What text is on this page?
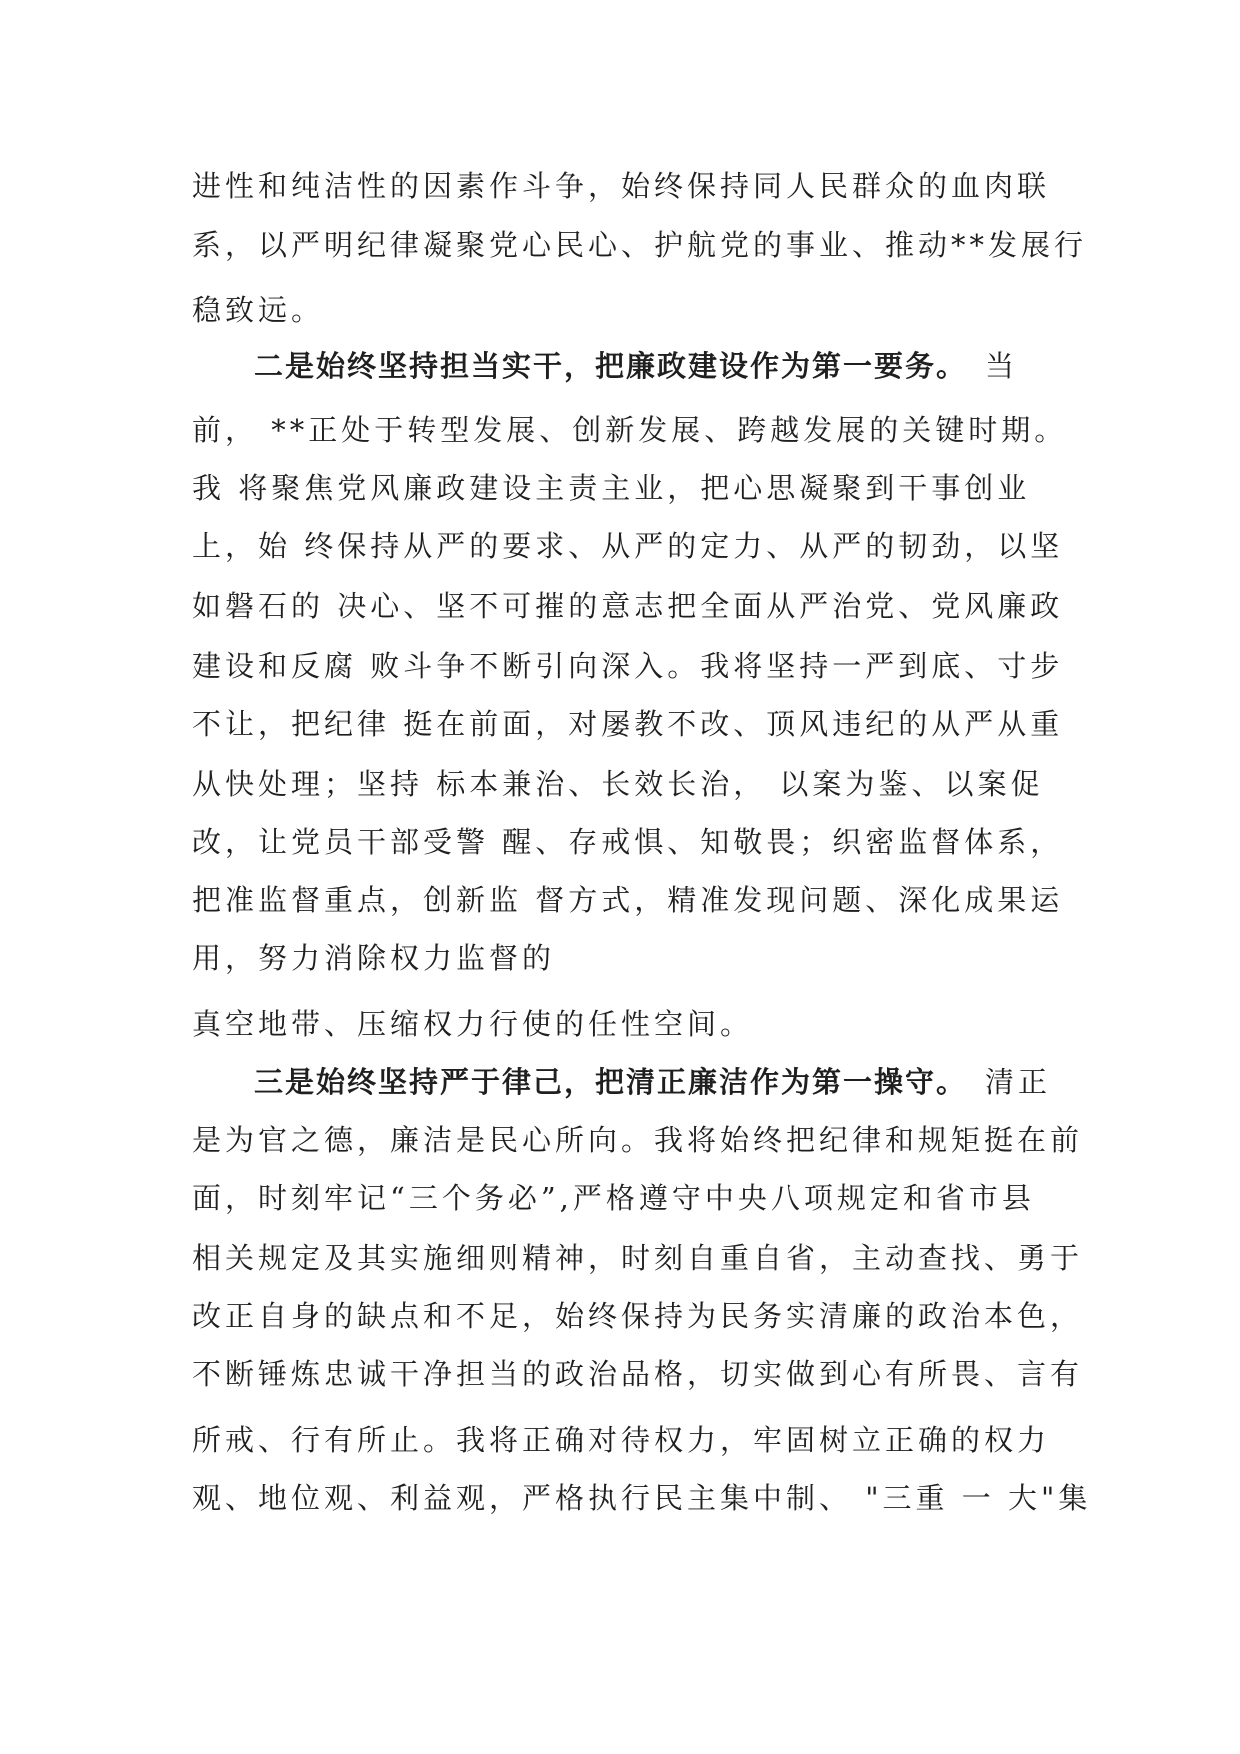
进性和纯洁性的因素作斗争，始终保持同人民群众的血肉联

系，以严明纪律凝聚党心民心、护航党的事业、推动**发展行

稳致远。

二是始终坚持担当实干，把廉政建设作为第一要务。 当

前， **正处于转型发展、创新发展、跨越发展的关键时期。

我 将聚焦党风廉政建设主责主业，把心思凝聚到干事创业

上，始 终保持从严的要求、从严的定力、从严的韧劲，以坚

如磐石的 决心、坚不可摧的意志把全面从严治党、党风廉政

建设和反腐 败斗争不断引向深入。我将坚持一严到底、寸步

不让，把纪律 挺在前面，对屡教不改、顶风违纪的从严从重

从快处理；坚持 标本兼治、长效长治， 以案为鉴、以案促

改，让党员干部受警 醒、存戒惧、知敬畏；织密监督体系，

把准监督重点，创新监 督方式，精准发现问题、深化成果运

用，努力消除权力监督的

真空地带、压缩权力行使的任性空间。

三是始终坚持严于律己，把清正廉洁作为第一操守。 清正

是为官之德，廉洁是民心所向。我将始终把纪律和规矩挺在前

面，时刻牢记“三个务必”,严格遵守中央八项规定和省市县

相关规定及其实施细则精神，时刻自重自省，主动查找、勇于

改正自身的缺点和不足，始终保持为民务实清廉的政治本色，

不断锤炼忠诚干净担当的政治品格，切实做到心有所畏、言有

所戒、行有所止。我将正确对待权力，牢固树立正确的权力

观、地位观、利益观，严格执行民主集中制、 "三重 一 大"集
